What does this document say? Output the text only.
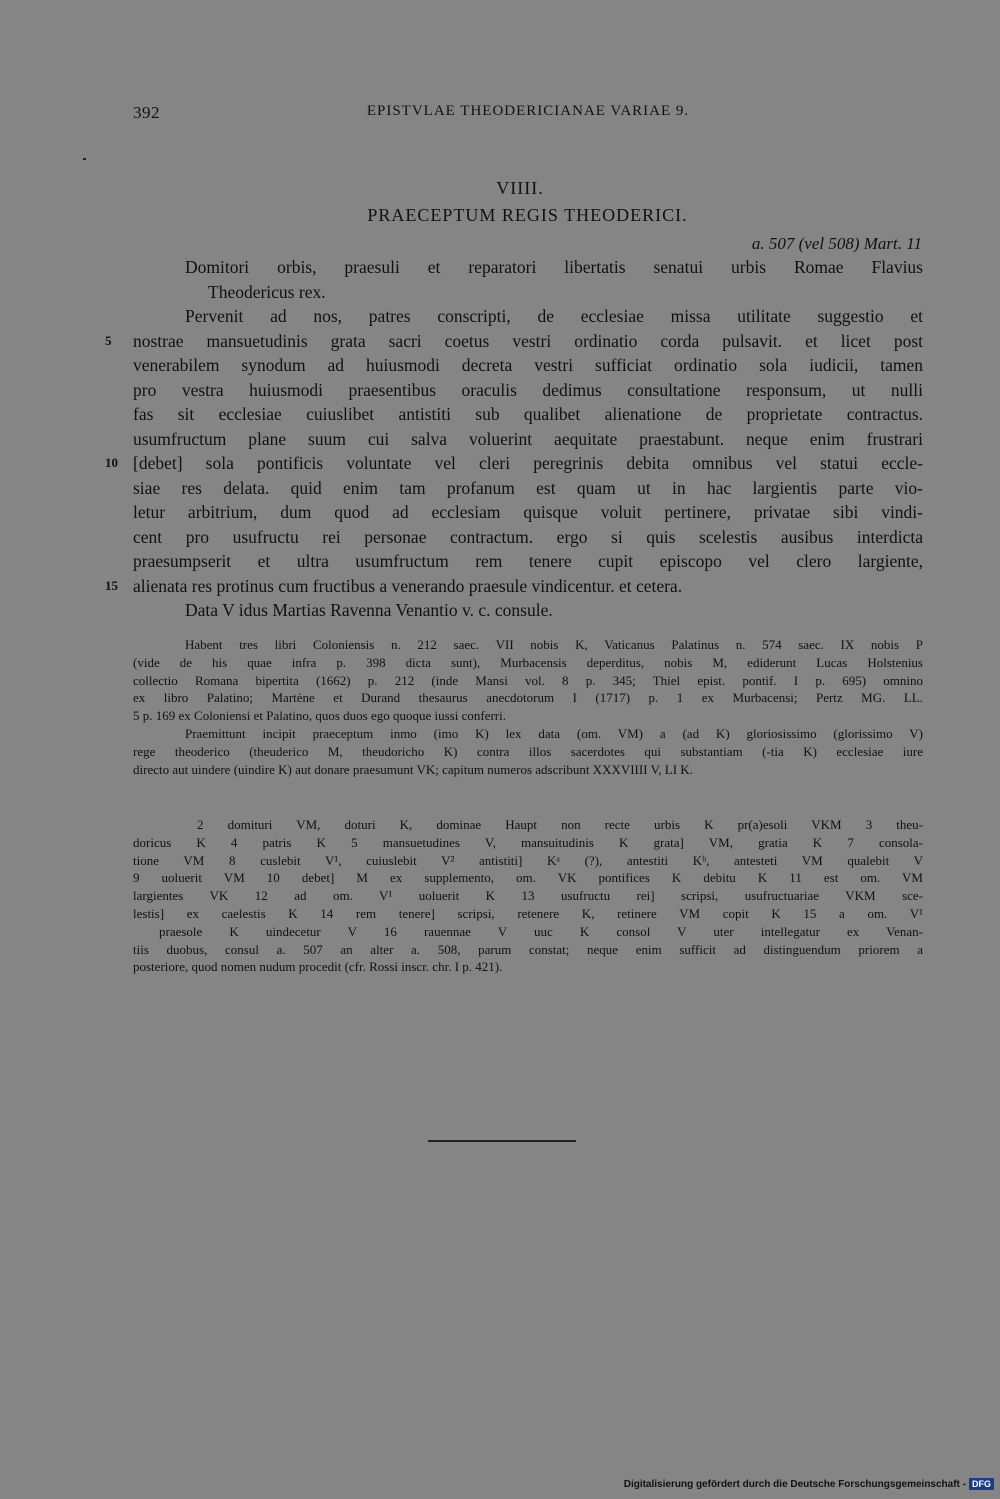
392	EPISTVLAE THEODERICIANAE VARIAE 9.
VIIII.
PRAECEPTUM REGIS THEODERICI.
a. 507 (vel 508) Mart. 11
Domitori orbis, praesuli et reparatori libertatis senatui urbis Romae Flavius
Theodericus rex.
Pervenit ad nos, patres conscripti, de ecclesiae missa utilitate suggestio et
5 nostrae mansuetudinis grata sacri coetus vestri ordinatio corda pulsavit. et licet post
venerabilem synodum ad huiusmodi decreta vestri sufficiat ordinatio sola iudicii, tamen
pro vestra huiusmodi praesentibus oraculis dedimus consultatione responsum, ut nulli
fas sit ecclesiae cuiuslibet antistiti sub qualibet alienatione de proprietate contractus.
usumfructum plane suum cui salva voluerint aequitate praestabunt. neque enim frustrari
10 [debet] sola pontificis voluntate vel cleri peregrinis debita omnibus vel statui eccle-
siae res delata. quid enim tam profanum est quam ut in hac largientis parte vio-
letur arbitrium, dum quod ad ecclesiam quisque voluit pertinere, privatae sibi vindi-
cent pro usufructu rei personae contractum. ergo si quis scelestis ausibus interdicta
praesumpserit et ultra usumfructum rem tenere cupit episcopo vel clero largiente,
15 alienata res protinus cum fructibus a venerando praesule vindicentur. et cetera.
Data V idus Martias Ravenna Venantio v. c. consule.
Habent tres libri Coloniensis n. 212 saec. VII nobis K, Vaticanus Palatinus n. 574 saec. IX nobis P
(vide de his quae infra p. 398 dicta sunt), Murbacensis deperditus, nobis M, ediderunt Lucas Holstenius
collectio Romana bipertita (1662) p. 212 (inde Mansi vol. 8 p. 345; Thiel epist. pontif. I p. 695) omnino
ex libro Palatino; Martène et Durand thesaurus anecdotorum I (1717) p. 1 ex Murbacensi; Pertz MG. LL.
5 p. 169 ex Coloniensi et Palatino, quos duos ego quoque iussi conferri.
Praemittunt incipit praeceptum inmo (imo K) lex data (om. VM) a (ad K) gloriosissimo (glorissimo V)
rege theoderico (theuderico M, theudoricho K) contra illos sacerdotes qui substantiam (-tia K) ecclesiae iure
directo aut uindere (uindire K) aut donare praesumunt VK; capitum numeros adscribunt XXXVIIII V, LI K.
2 domituri VM, doturi K, dominae Haupt non recte urbis K pr(a)esoli VKM 3 theu-
doricus K 4 patris K 5 mansuetudines V, mansuitudinis K grata] VM, gratia K 7 consola-
tione VM 8 cuslebit V¹, cuiuslebit V² antistiti] Kᵃ (?), antestiti Kᵇ, antesteti VM qualebit V
9 uoluerit VM 10 debet] M ex supplemento, om. VK pontifices K debitu K 11 est om. VM
largientes VK 12 ad om. V¹ uoluerit K 13 usufructu rei] scripsi, usufructuariae VKM sce-
lestis] ex caelestis K 14 rem tenere] scripsi, retenere K, retinere VM copit K 15 a om. V¹
praesole K uindecetur V 16 rauennae V uuc K consol V uter intellegatur ex Venan-
tiis duobus, consul a. 507 an alter a. 508, parum constat; neque enim sufficit ad distinguendum priorem a
posteriore, quod nomen nudum procedit (cfr. Rossi inscr. chr. I p. 421).
Digitalisierung gefördert durch die Deutsche Forschungsgemeinschaft - DFG
